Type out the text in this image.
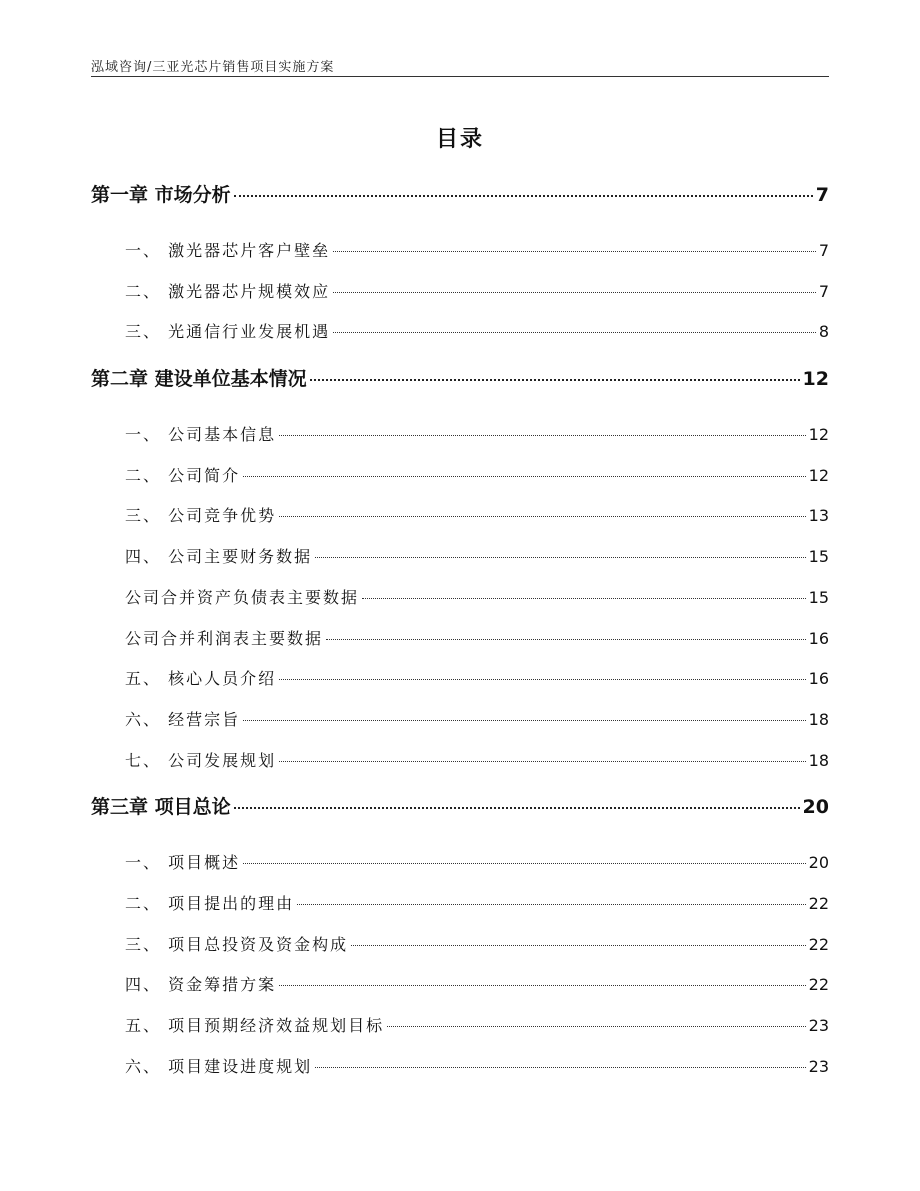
泓域咨询/三亚光芯片销售项目实施方案
目录
第一章 市场分析	7
一、 激光器芯片客户壁垒	7
二、 激光器芯片规模效应	7
三、 光通信行业发展机遇	8
第二章 建设单位基本情况	12
一、 公司基本信息	12
二、 公司简介	12
三、 公司竞争优势	13
四、 公司主要财务数据	15
公司合并资产负债表主要数据	15
公司合并利润表主要数据	16
五、 核心人员介绍	16
六、 经营宗旨	18
七、 公司发展规划	18
第三章 项目总论	20
一、 项目概述	20
二、 项目提出的理由	22
三、 项目总投资及资金构成	22
四、 资金筹措方案	22
五、 项目预期经济效益规划目标	23
六、 项目建设进度规划	23
